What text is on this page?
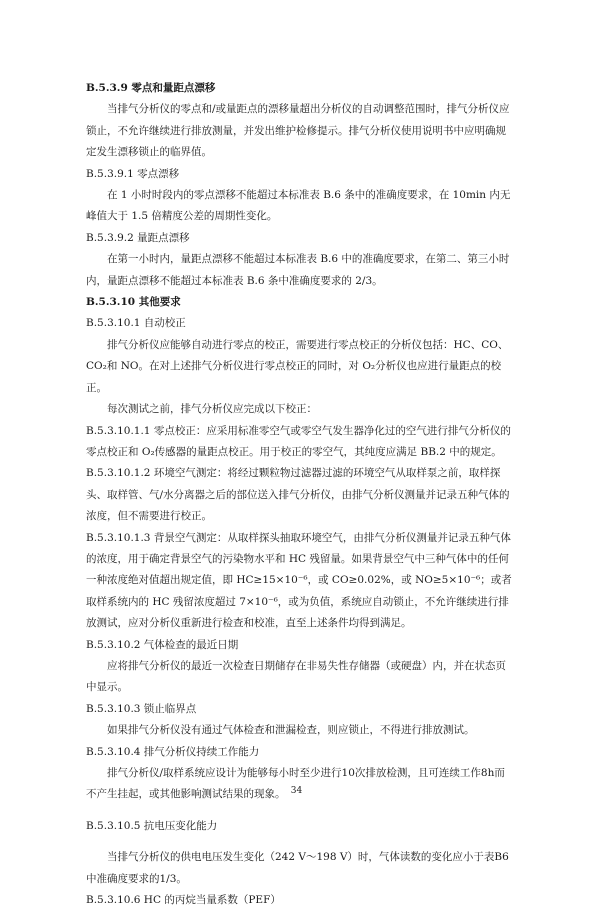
B.5.3.9 零点和量距点漂移
当排气分析仪的零点和/或量距点的漂移量超出分析仪的自动调整范围时，排气分析仪应锁止，不允许继续进行排放测量，并发出维护检修提示。排气分析仪使用说明书中应明确规定发生漂移锁止的临界值。
B.5.3.9.1 零点漂移
在 1 小时时段内的零点漂移不能超过本标准表 B.6 条中的准确度要求，在 10min 内无峰值大于 1.5 倍精度公差的周期性变化。
B.5.3.9.2 量距点漂移
在第一小时内，量距点漂移不能超过本标准表 B.6 中的准确度要求，在第二、第三小时内，量距点漂移不能超过本标准表 B.6 条中准确度要求的 2/3。
B.5.3.10 其他要求
B.5.3.10.1 自动校正
排气分析仪应能够自动进行零点的校正，需要进行零点校正的分析仪包括：HC、CO、CO₂和 NO。在对上述排气分析仪进行零点校正的同时，对 O₂分析仪也应进行量距点的校正。
每次测试之前，排气分析仪应完成以下校正：
B.5.3.10.1.1 零点校正：应采用标准零空气或零空气发生器净化过的空气进行排气分析仪的零点校正和 O₂传感器的量距点校正。用于校正的零空气，其纯度应满足 BB.2 中的规定。
B.5.3.10.1.2 环境空气测定：将经过颗粒物过滤器过滤的环境空气从取样泵之前，取样探头、取样管、气/水分离器之后的部位送入排气分析仪，由排气分析仪测量并记录五种气体的浓度，但不需要进行校正。
B.5.3.10.1.3 背景空气测定：从取样探头抽取环境空气，由排气分析仪测量并记录五种气体的浓度，用于确定背景空气的污染物水平和 HC 残留量。如果背景空气中三种气体中的任何一种浓度绝对值超出规定值，即 HC≥15×10⁻⁶，或 CO≥0.02%，或 NO≥5×10⁻⁶；或者取样系统内的 HC 残留浓度超过 7×10⁻⁶，或为负值，系统应自动锁止，不允许继续进行排放测试，应对分析仪重新进行检查和校准，直至上述条件均得到满足。
B.5.3.10.2 气体检查的最近日期
应将排气分析仪的最近一次检查日期储存在非易失性存储器（或硬盘）内，并在状态页中显示。
B.5.3.10.3 锁止临界点
如果排气分析仪没有通过气体检查和泄漏检查，则应锁止，不得进行排放测试。
B.5.3.10.4 排气分析仪持续工作能力
排气分析仪/取样系统应设计为能够每小时至少进行10次排放检测，且可连续工作8h而不产生挂起，或其他影响测试结果的现象。
B.5.3.10.5 抗电压变化能力
当排气分析仪的供电电压发生变化（242 V～198 V）时，气体读数的变化应小于表B6中准确度要求的1/3。
B.5.3.10.6 HC 的丙烷当量系数（PEF）
34
